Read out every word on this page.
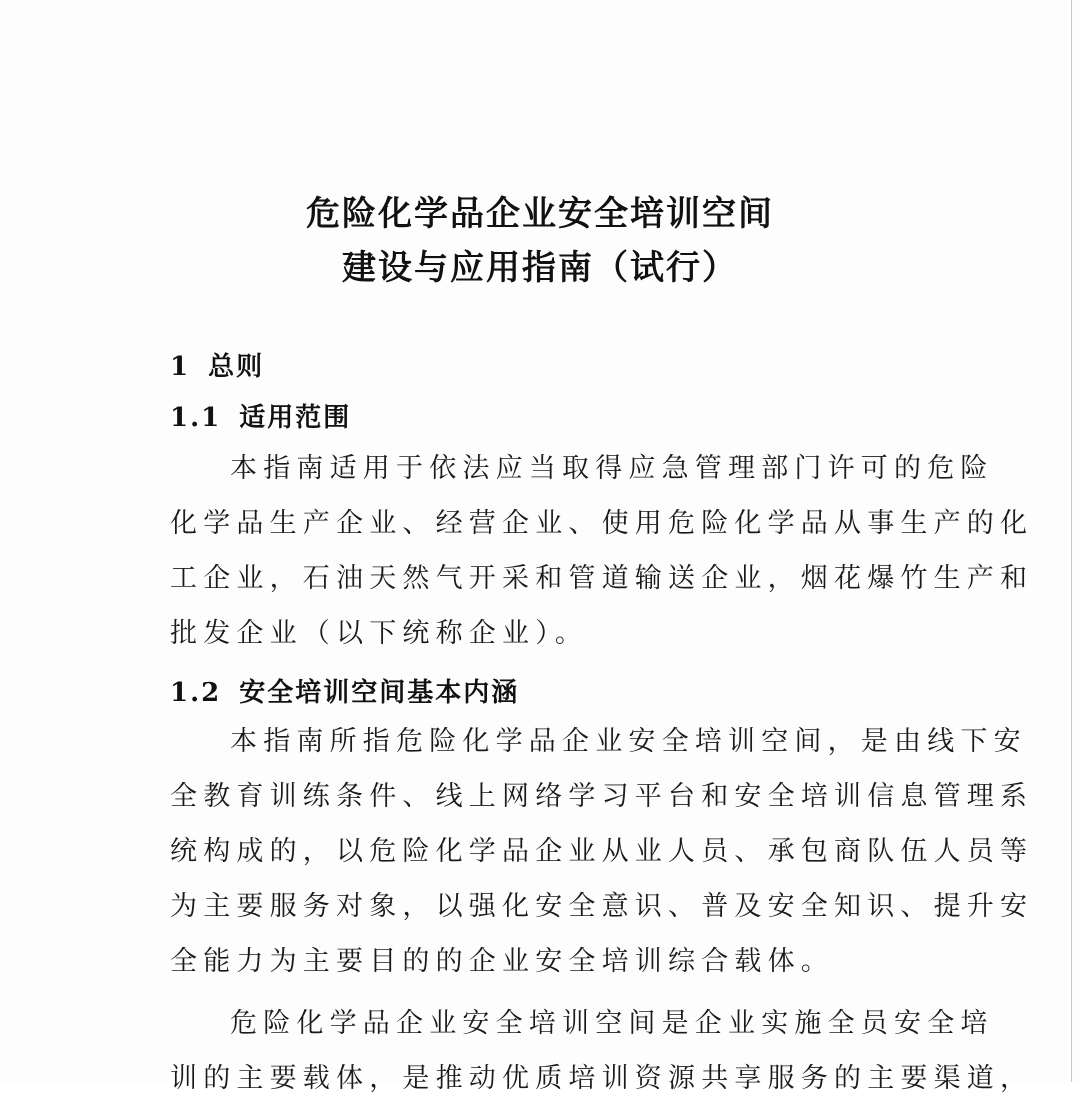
危险化学品企业安全培训空间
建设与应用指南（试行）
1 总则
1.1 适用范围
本指南适用于依法应当取得应急管理部门许可的危险
化学品生产企业、经营企业、使用危险化学品从事生产的化
工企业，石油天然气开采和管道输送企业，烟花爆竹生产和
批发企业（以下统称企业）。
1.2 安全培训空间基本内涵
本指南所指危险化学品企业安全培训空间，是由线下安
全教育训练条件、线上网络学习平台和安全培训信息管理系
统构成的，以危险化学品企业从业人员、承包商队伍人员等
为主要服务对象，以强化安全意识、普及安全知识、提升安
全能力为主要目的的企业安全培训综合载体。
危险化学品企业安全培训空间是企业实施全员安全培
训的主要载体，是推动优质培训资源共享服务的主要渠道，
